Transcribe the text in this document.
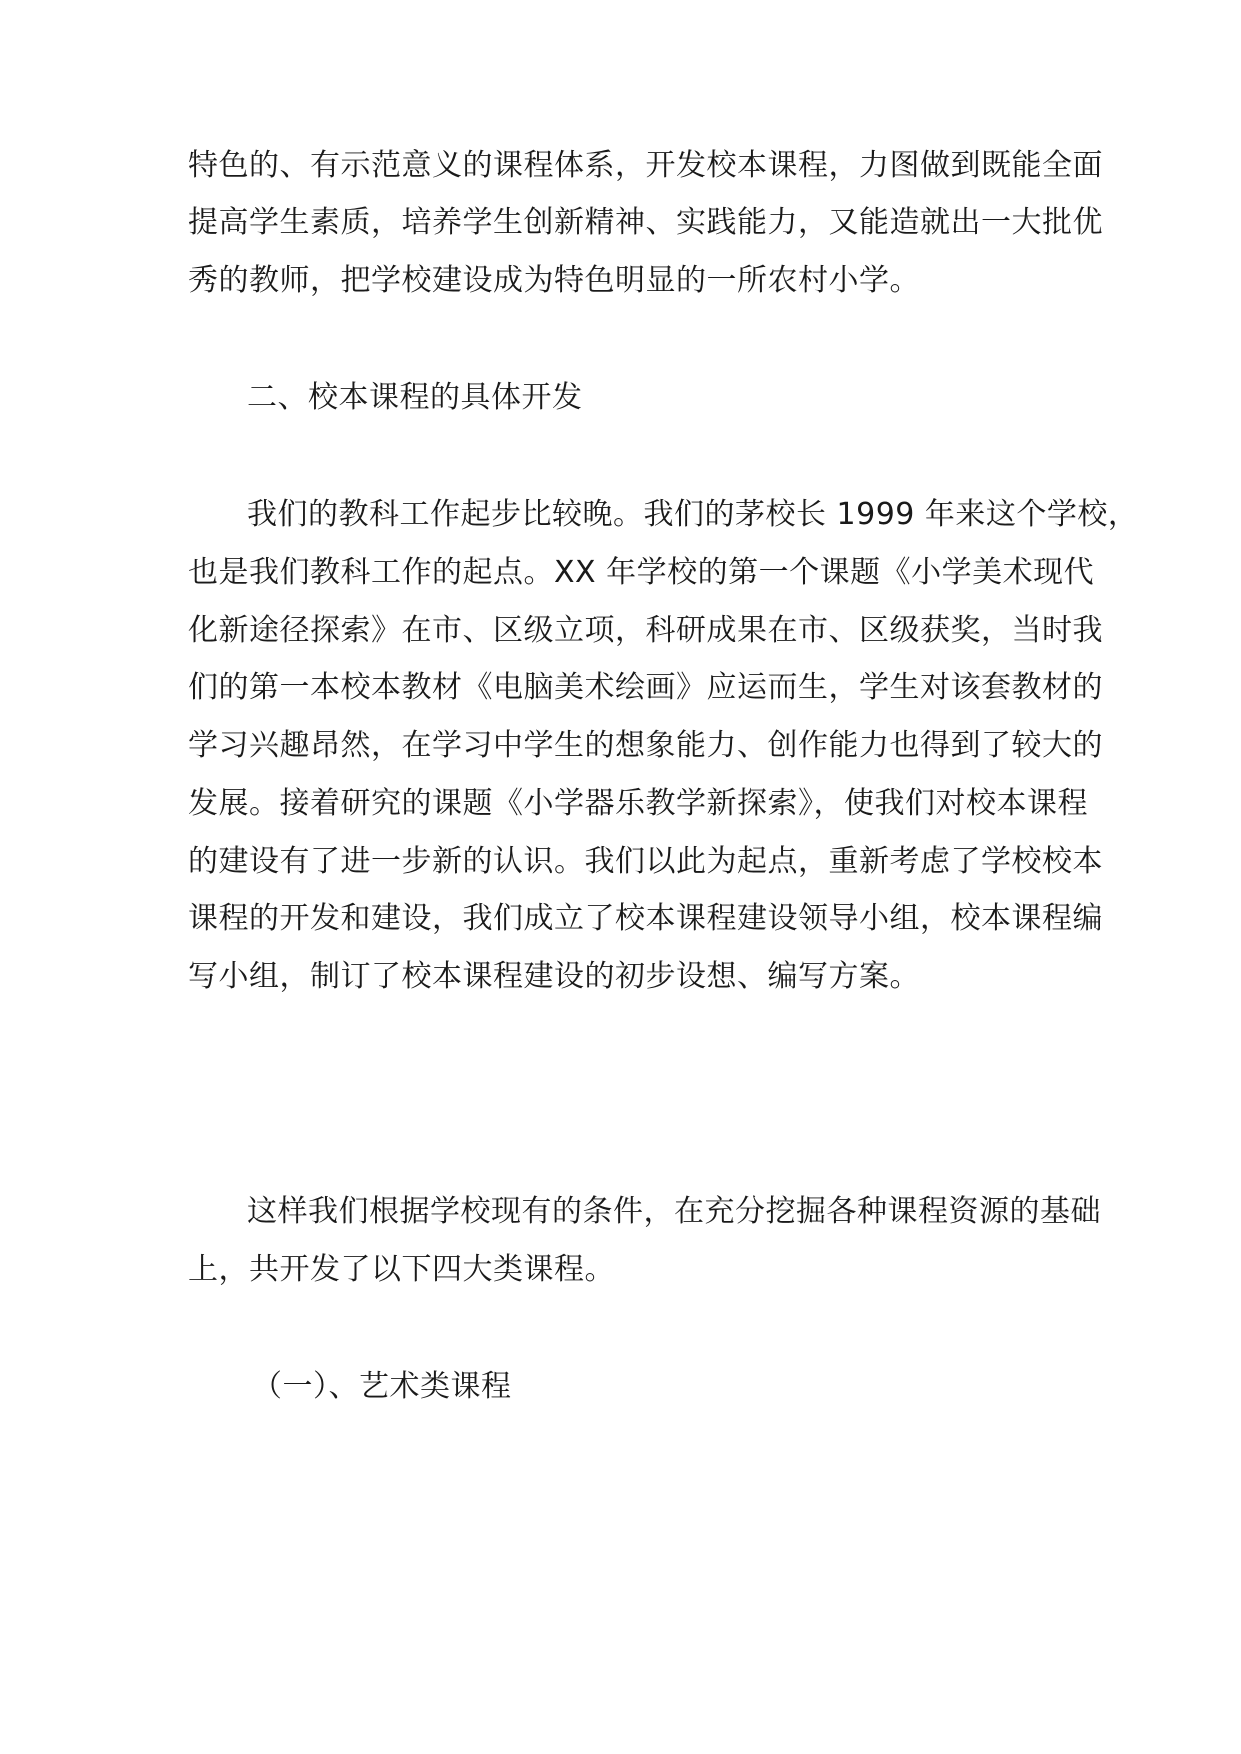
特色的、有示范意义的课程体系，开发校本课程，力图做到既能全面
提高学生素质，培养学生创新精神、实践能力，又能造就出一大批优
秀的教师，把学校建设成为特色明显的一所农村小学。
二、校本课程的具体开发
我们的教科工作起步比较晚。我们的茅校长 1999 年来这个学校，
也是我们教科工作的起点。XX 年学校的第一个课题《小学美术现代
化新途径探索》在市、区级立项，科研成果在市、区级获奖，当时我
们的第一本校本教材《电脑美术绘画》应运而生，学生对该套教材的
学习兴趣昂然，在学习中学生的想象能力、创作能力也得到了较大的
发展。接着研究的课题《小学器乐教学新探索》，使我们对校本课程
的建设有了进一步新的认识。我们以此为起点，重新考虑了学校校本
课程的开发和建设，我们成立了校本课程建设领导小组，校本课程编
写小组，制订了校本课程建设的初步设想、编写方案。
这样我们根据学校现有的条件，在充分挖掘各种课程资源的基础
上，共开发了以下四大类课程。
（一）、艺术类课程
